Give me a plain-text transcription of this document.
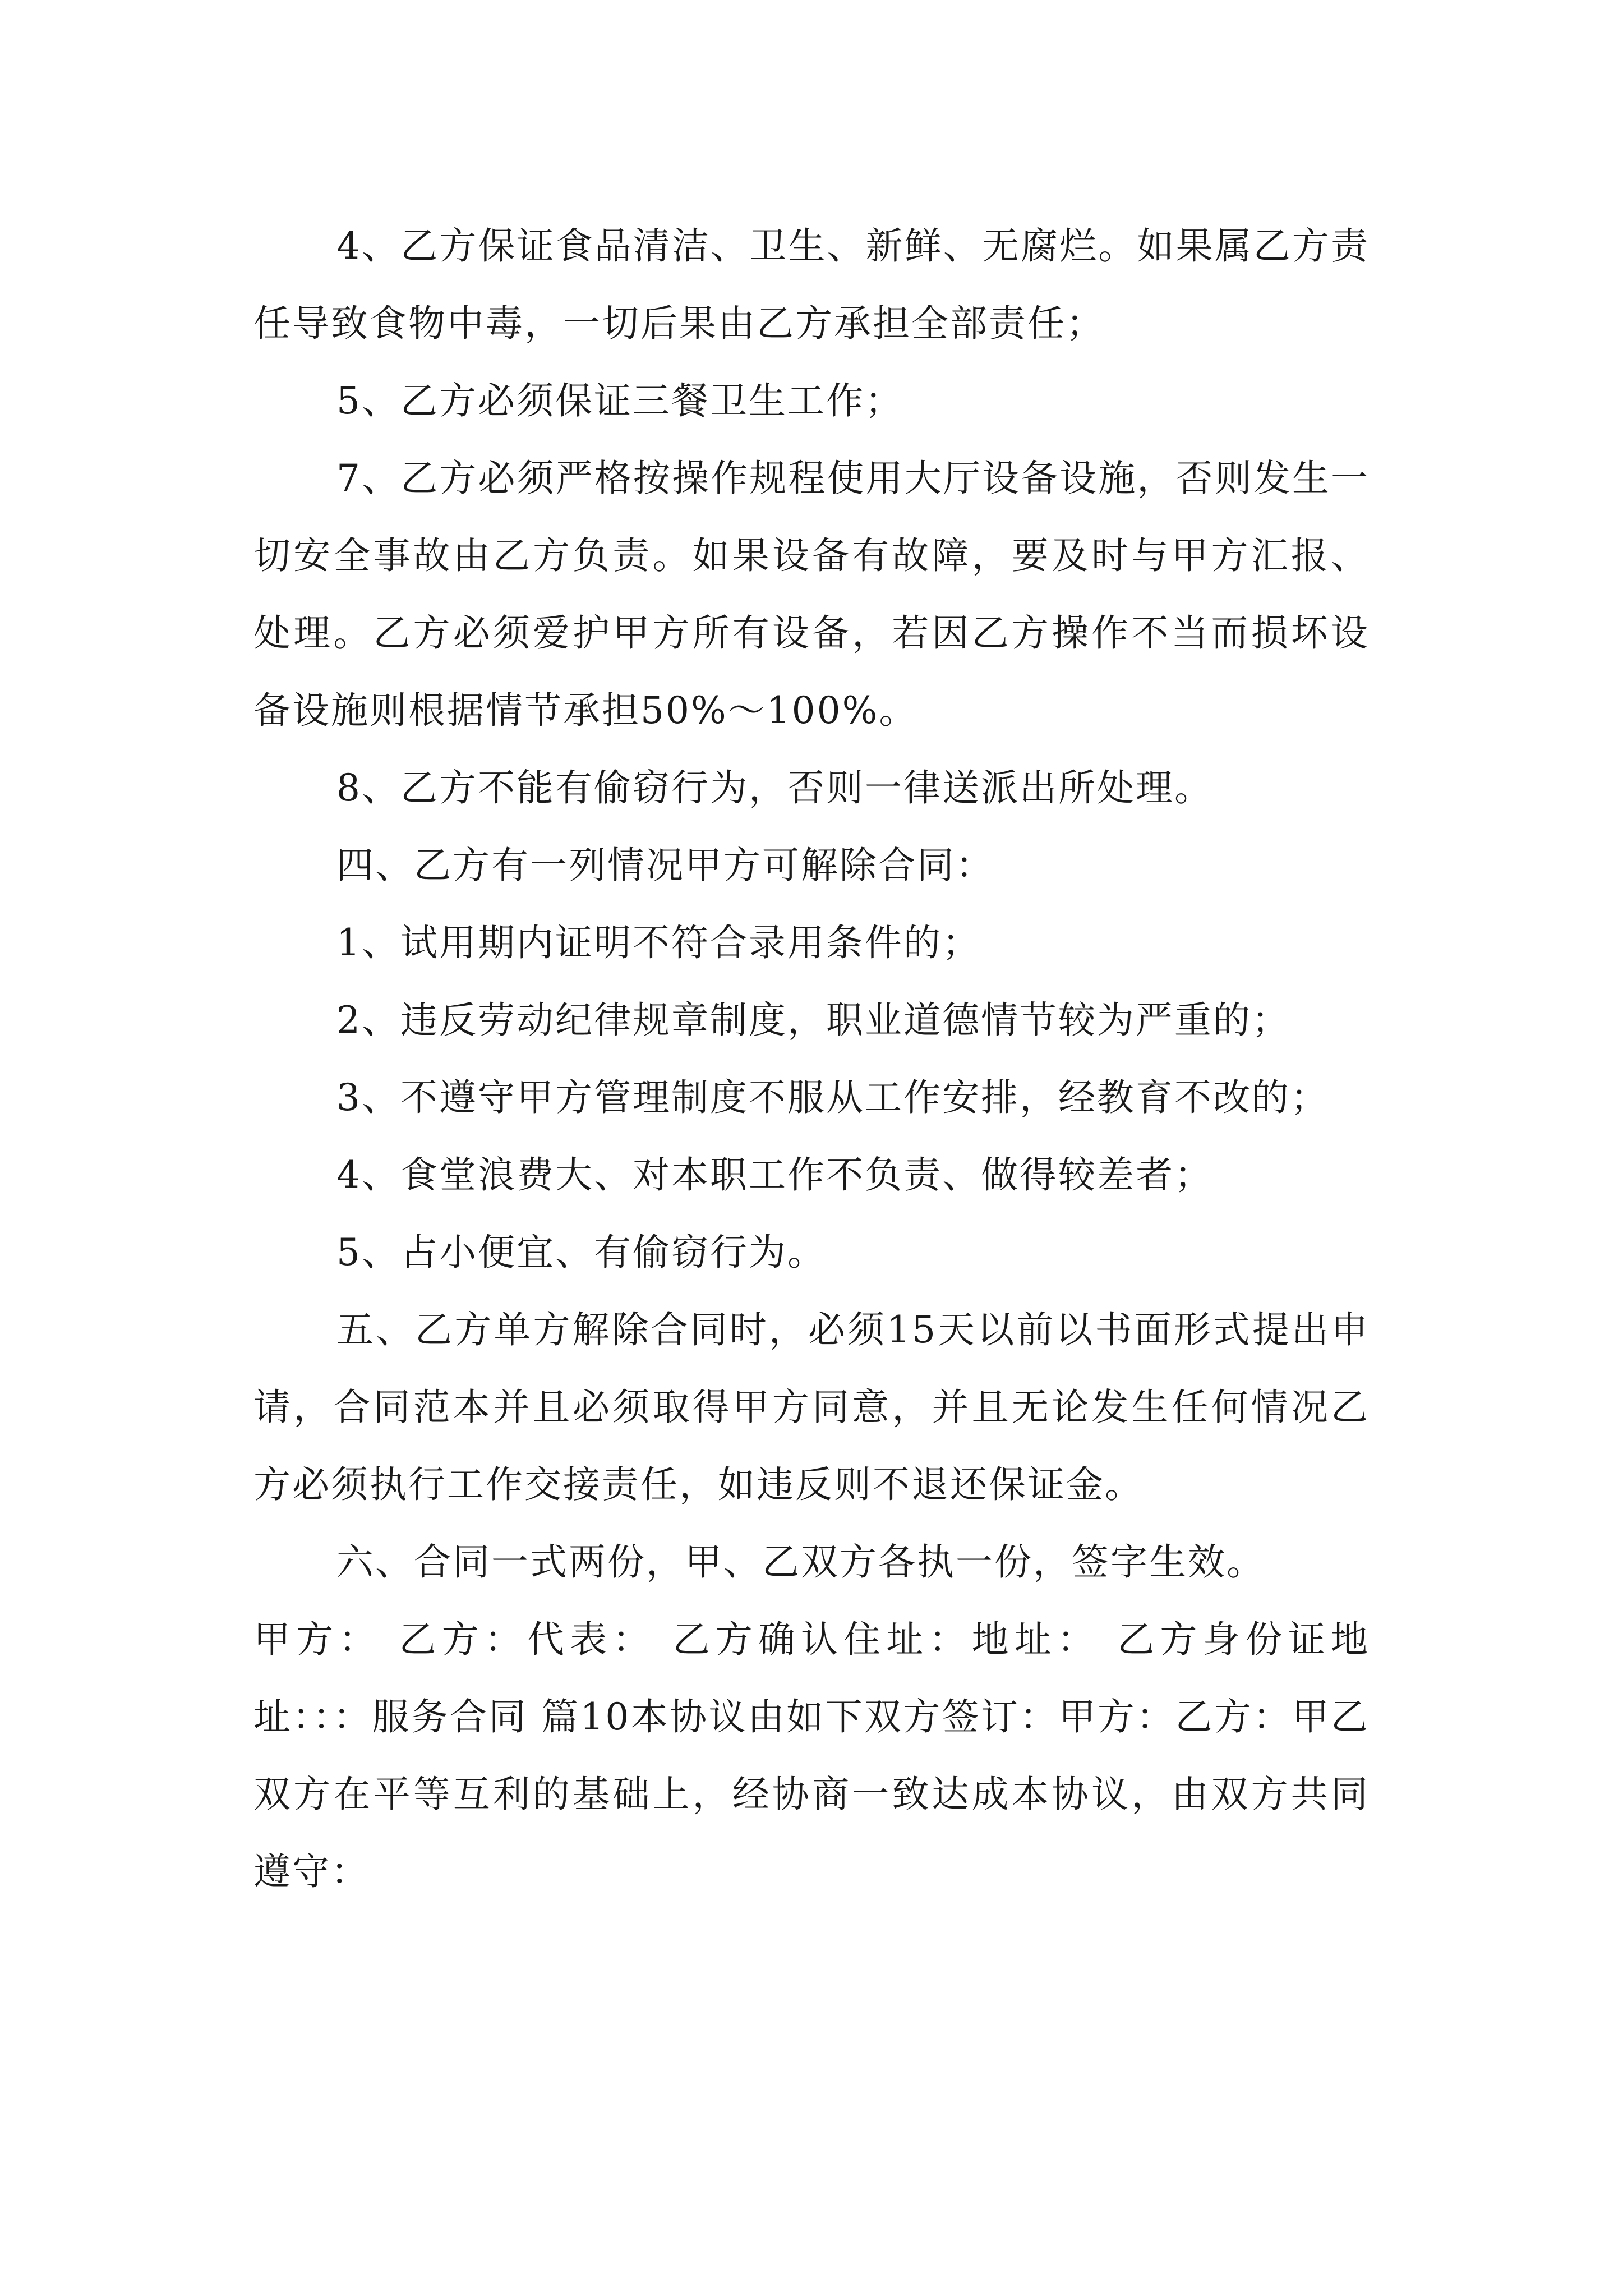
4、乙方保证食品清洁、卫生、新鲜、无腐烂。如果属乙方责任导致食物中毒，一切后果由乙方承担全部责任；

5、乙方必须保证三餐卫生工作；

7、乙方必须严格按操作规程使用大厅设备设施，否则发生一切安全事故由乙方负责。如果设备有故障，要及时与甲方汇报、处理。乙方必须爱护甲方所有设备，若因乙方操作不当而损坏设备设施则根据情节承担50%～100%。

8、乙方不能有偷窃行为，否则一律送派出所处理。

四、乙方有一列情况甲方可解除合同：

1、试用期内证明不符合录用条件的；

2、违反劳动纪律规章制度，职业道德情节较为严重的；

3、不遵守甲方管理制度不服从工作安排，经教育不改的；

4、食堂浪费大、对本职工作不负责、做得较差者；

5、占小便宜、有偷窃行为。

五、乙方单方解除合同时，必须15天以前以书面形式提出申请，合同范本并且必须取得甲方同意，并且无论发生任何情况乙方必须执行工作交接责任，如违反则不退还保证金。

六、合同一式两份，甲、乙双方各执一份，签字生效。

甲方： 乙方：代表： 乙方确认住址：地址： 乙方身份证地址：：：服务合同 篇10本协议由如下双方签订：甲方：乙方：甲乙双方在平等互利的基础上，经协商一致达成本协议，由双方共同遵守：
